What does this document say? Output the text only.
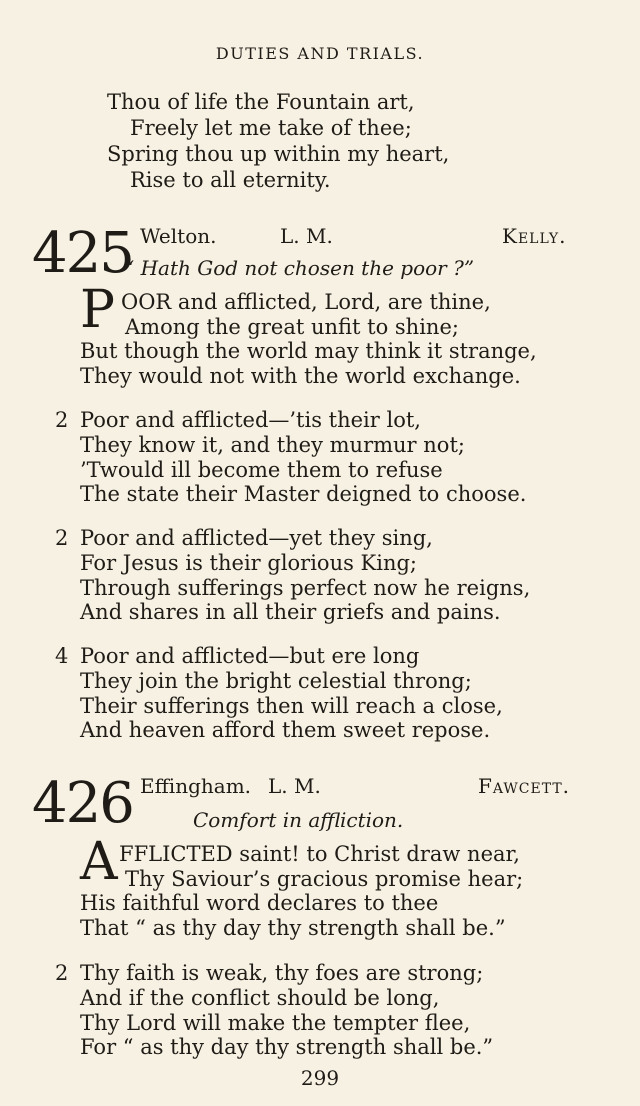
DUTIES AND TRIALS.
Thou of life the Fountain art,
Freely let me take of thee;
Spring thou up within my heart,
Rise to all eternity.
425 Welton.	L. M.	Kelly.
“ Hath God not chosen the poor ?”
P OOR and afflicted, Lord, are thine,
Among the great unfit to shine;
But though the world may think it strange,
They would not with the world exchange.
2 Poor and afflicted—’tis their lot,
They know it, and they murmur not;
’Twould ill become them to refuse
The state their Master deigned to choose.
2 Poor and afflicted—yet they sing,
For Jesus is their glorious King;
Through sufferings perfect now he reigns,
And shares in all their griefs and pains.
4 Poor and afflicted—but ere long
They join the bright celestial throng;
Their sufferings then will reach a close,
And heaven afford them sweet repose.
426 Effingham. L. M.	Fawcett.
Comfort in affliction.
A FFLICTED saint! to Christ draw near,
Thy Saviour’s gracious promise hear;
His faithful word declares to thee
That “ as thy day thy strength shall be.”
2 Thy faith is weak, thy foes are strong;
And if the conflict should be long,
Thy Lord will make the tempter flee,
For “ as thy day thy strength shall be.”
299
